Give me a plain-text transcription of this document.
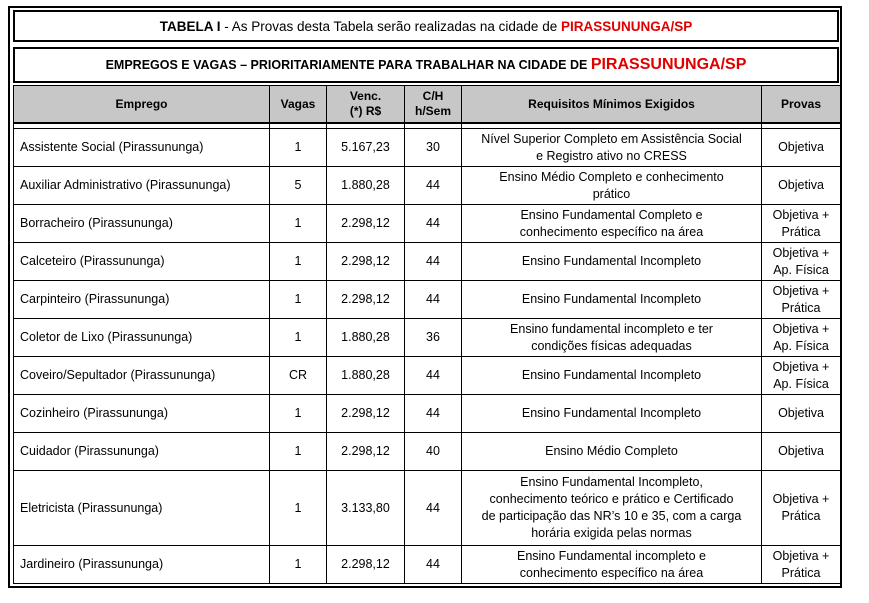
TABELA I - As Provas desta Tabela serão realizadas na cidade de PIRASSUNUNGA/SP
EMPREGOS E VAGAS – PRIORITARIAMENTE PARA TRABALHAR NA CIDADE DE PIRASSUNUNGA/SP
Emprego	Vagas	Venc.
(*) R$	C/H
h/Sem	Requisitos Mínimos Exigidos	Provas

Assistente Social (Pirassununga)	1	5.167,23	30	Nível Superior Completo em Assistência Social
e Registro ativo no CRESS	Objetiva
Auxiliar Administrativo (Pirassununga)	5	1.880,28	44	Ensino Médio Completo e conhecimento
prático	Objetiva
Borracheiro (Pirassununga)	1	2.298,12	44	Ensino Fundamental Completo e
conhecimento específico na área	Objetiva +
Prática
Calceteiro (Pirassununga)	1	2.298,12	44	Ensino Fundamental Incompleto	Objetiva +
Ap. Física
Carpinteiro (Pirassununga)	1	2.298,12	44	Ensino Fundamental Incompleto	Objetiva +
Prática
Coletor de Lixo (Pirassununga)	1	1.880,28	36	Ensino fundamental incompleto e ter
condições físicas adequadas	Objetiva +
Ap. Física
Coveiro/Sepultador (Pirassununga)	CR	1.880,28	44	Ensino Fundamental Incompleto	Objetiva +
Ap. Física
Cozinheiro (Pirassununga)	1	2.298,12	44	Ensino Fundamental Incompleto	Objetiva
Cuidador (Pirassununga)	1	2.298,12	40	Ensino Médio Completo	Objetiva
Eletricista (Pirassununga)	1	3.133,80	44	Ensino Fundamental Incompleto,
conhecimento teórico e prático e Certificado
de participação das NR’s 10 e 35, com a carga
horária exigida pelas normas	Objetiva +
Prática
Jardineiro (Pirassununga)	1	2.298,12	44	Ensino Fundamental incompleto e
conhecimento específico na área	Objetiva +
Prática
